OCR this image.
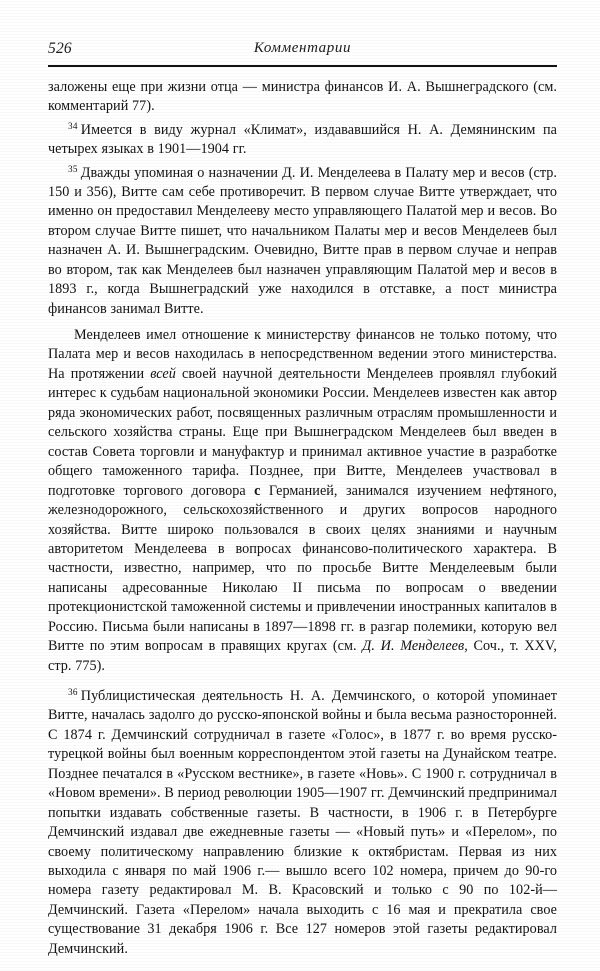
526	Комментарии

заложены еще при жизни отца — министра финансов И. А. Вышнеградского (см. комментарий 77).

$^{34}$ Имеется в виду журнал «Климат», издававшийся Н. А. Демянинским па четырех языках в 1901—1904 гг.

$^{35}$ Дважды упоминая о назначении Д. И. Менделеева в Палату мер и весов (стр. 150 и 356), Витте сам себе противоречит. В первом случае Витте утверждает, что именно он предоставил Менделееву место управляющего Палатой мер и весов. Во втором случае Витте пишет, что начальником Палаты мер и весов Менделеев был назначен А. И. Вышнеградским. Очевидно, Витте прав в первом случае и неправ во втором, так как Менделеев был назначен управляющим Палатой мер и весов в 1893 г., когда Вышнеградский уже находился в отставке, а пост министра финансов занимал Витте.

Менделеев имел отношение к министерству финансов не только потому, что Палата мер и весов находилась в непосредственном ведении этого министерства. На протяжении всей своей научной деятельности Менделеев проявлял глубокий интерес к судьбам национальной экономики России. Менделеев известен как автор ряда экономических работ, посвященных различным отраслям промышленности и сельского хозяйства страны. Еще при Вышнеградском Менделеев был введен в состав Совета торговли и мануфактур и принимал активное участие в разработке общего таможенного тарифа. Позднее, при Витте, Менделеев участвовал в подготовке торгового договора с Германией, занимался изучением нефтяного, железнодорожного, сельскохозяйственного и других вопросов народного хозяйства. Витте широко пользовался в своих целях знаниями и научным авторитетом Менделеева в вопросах финансово-политического характера. В частности, известно, например, что по просьбе Витте Менделеевым были написаны адресованные Николаю II письма по вопросам о введении протекционистской таможенной системы и привлечении иностранных капиталов в Россию. Письма были написаны в 1897—1898 гг. в разгар полемики, которую вел Витте по этим вопросам в правящих кругах (см. Д. И. Менделеев, Соч., т. XXV, стр. 775).

$^{36}$ Публицистическая деятельность Н. А. Демчинского, о которой упоминает Витте, началась задолго до русско-японской войны и была весьма разносторонней. С 1874 г. Демчинский сотрудничал в газете «Голос», в 1877 г. во время русско-турецкой войны был военным корреспондентом этой газеты на Дунайском театре. Позднее печатался в «Русском вестнике», в газете «Новь». С 1900 г. сотрудничал в «Новом времени». В период революции 1905—1907 гг. Демчинский предпринимал попытки издавать собственные газеты. В частности, в 1906 г. в Петербурге Демчинский издавал две ежедневные газеты — «Новый путь» и «Перелом», по своему политическому направлению близкие к октябристам. Первая из них выходила с января по май 1906 г.— вышло всего 102 номера, причем до 90-го номера газету редактировал М. В. Красовский и только с 90 по 102-й— Демчинский. Газета «Перелом» начала выходить с 16 мая и прекратила свое существование 31 декабря 1906 г. Все 127 номеров этой газеты редактировал Демчинский.
